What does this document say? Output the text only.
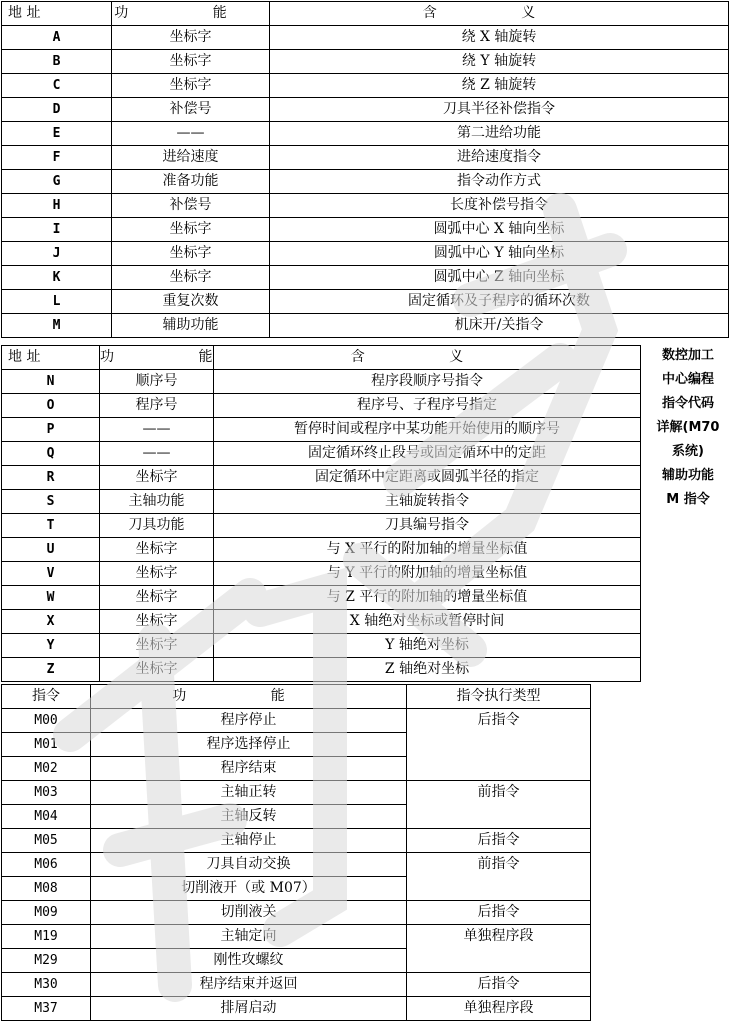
地 址	功 能	含 义
A	坐标字	绕 X 轴旋转
B	坐标字	绕 Y 轴旋转
C	坐标字	绕 Z 轴旋转
D	补偿号	刀具半径补偿指令
E	——	第二进给功能
F	进给速度	进给速度指令
G	准备功能	指令动作方式
H	补偿号	长度补偿号指令
I	坐标字	圆弧中心 X 轴向坐标
J	坐标字	圆弧中心 Y 轴向坐标
K	坐标字	圆弧中心 Z 轴向坐标
L	重复次数	固定循环及子程序的循环次数
M	辅助功能	机床开/关指令
地 址	功 能	含 义
N	顺序号	程序段顺序号指令
O	程序号	程序号、子程序号指定
P	——	暂停时间或程序中某功能开始使用的顺序号
Q	——	固定循环终止段号或固定循环中的定距
R	坐标字	固定循环中定距离或圆弧半径的指定
S	主轴功能	主轴旋转指令
T	刀具功能	刀具编号指令
U	坐标字	与 X 平行的附加轴的增量坐标值
V	坐标字	与 Y 平行的附加轴的增量坐标值
W	坐标字	与 Z 平行的附加轴的增量坐标值
X	坐标字	X 轴绝对坐标或暂停时间
Y	坐标字	Y 轴绝对坐标
Z	坐标字	Z 轴绝对坐标
数控加工
中心编程
指令代码
详解(M70
系统)
辅助功能
M 指令
指令	功 能	指令执行类型
M00	程序停止	后指令
M01	程序选择停止	
M02	程序结束	
M03	主轴正转	前指令
M04	主轴反转	
M05	主轴停止	后指令
M06	刀具自动交换	前指令
M08	切削液开（或 M07）	
M09	切削液关	后指令
M19	主轴定向	单独程序段
M29	刚性攻螺纹	
M30	程序结束并返回	后指令
M37	排屑启动	单独程序段
